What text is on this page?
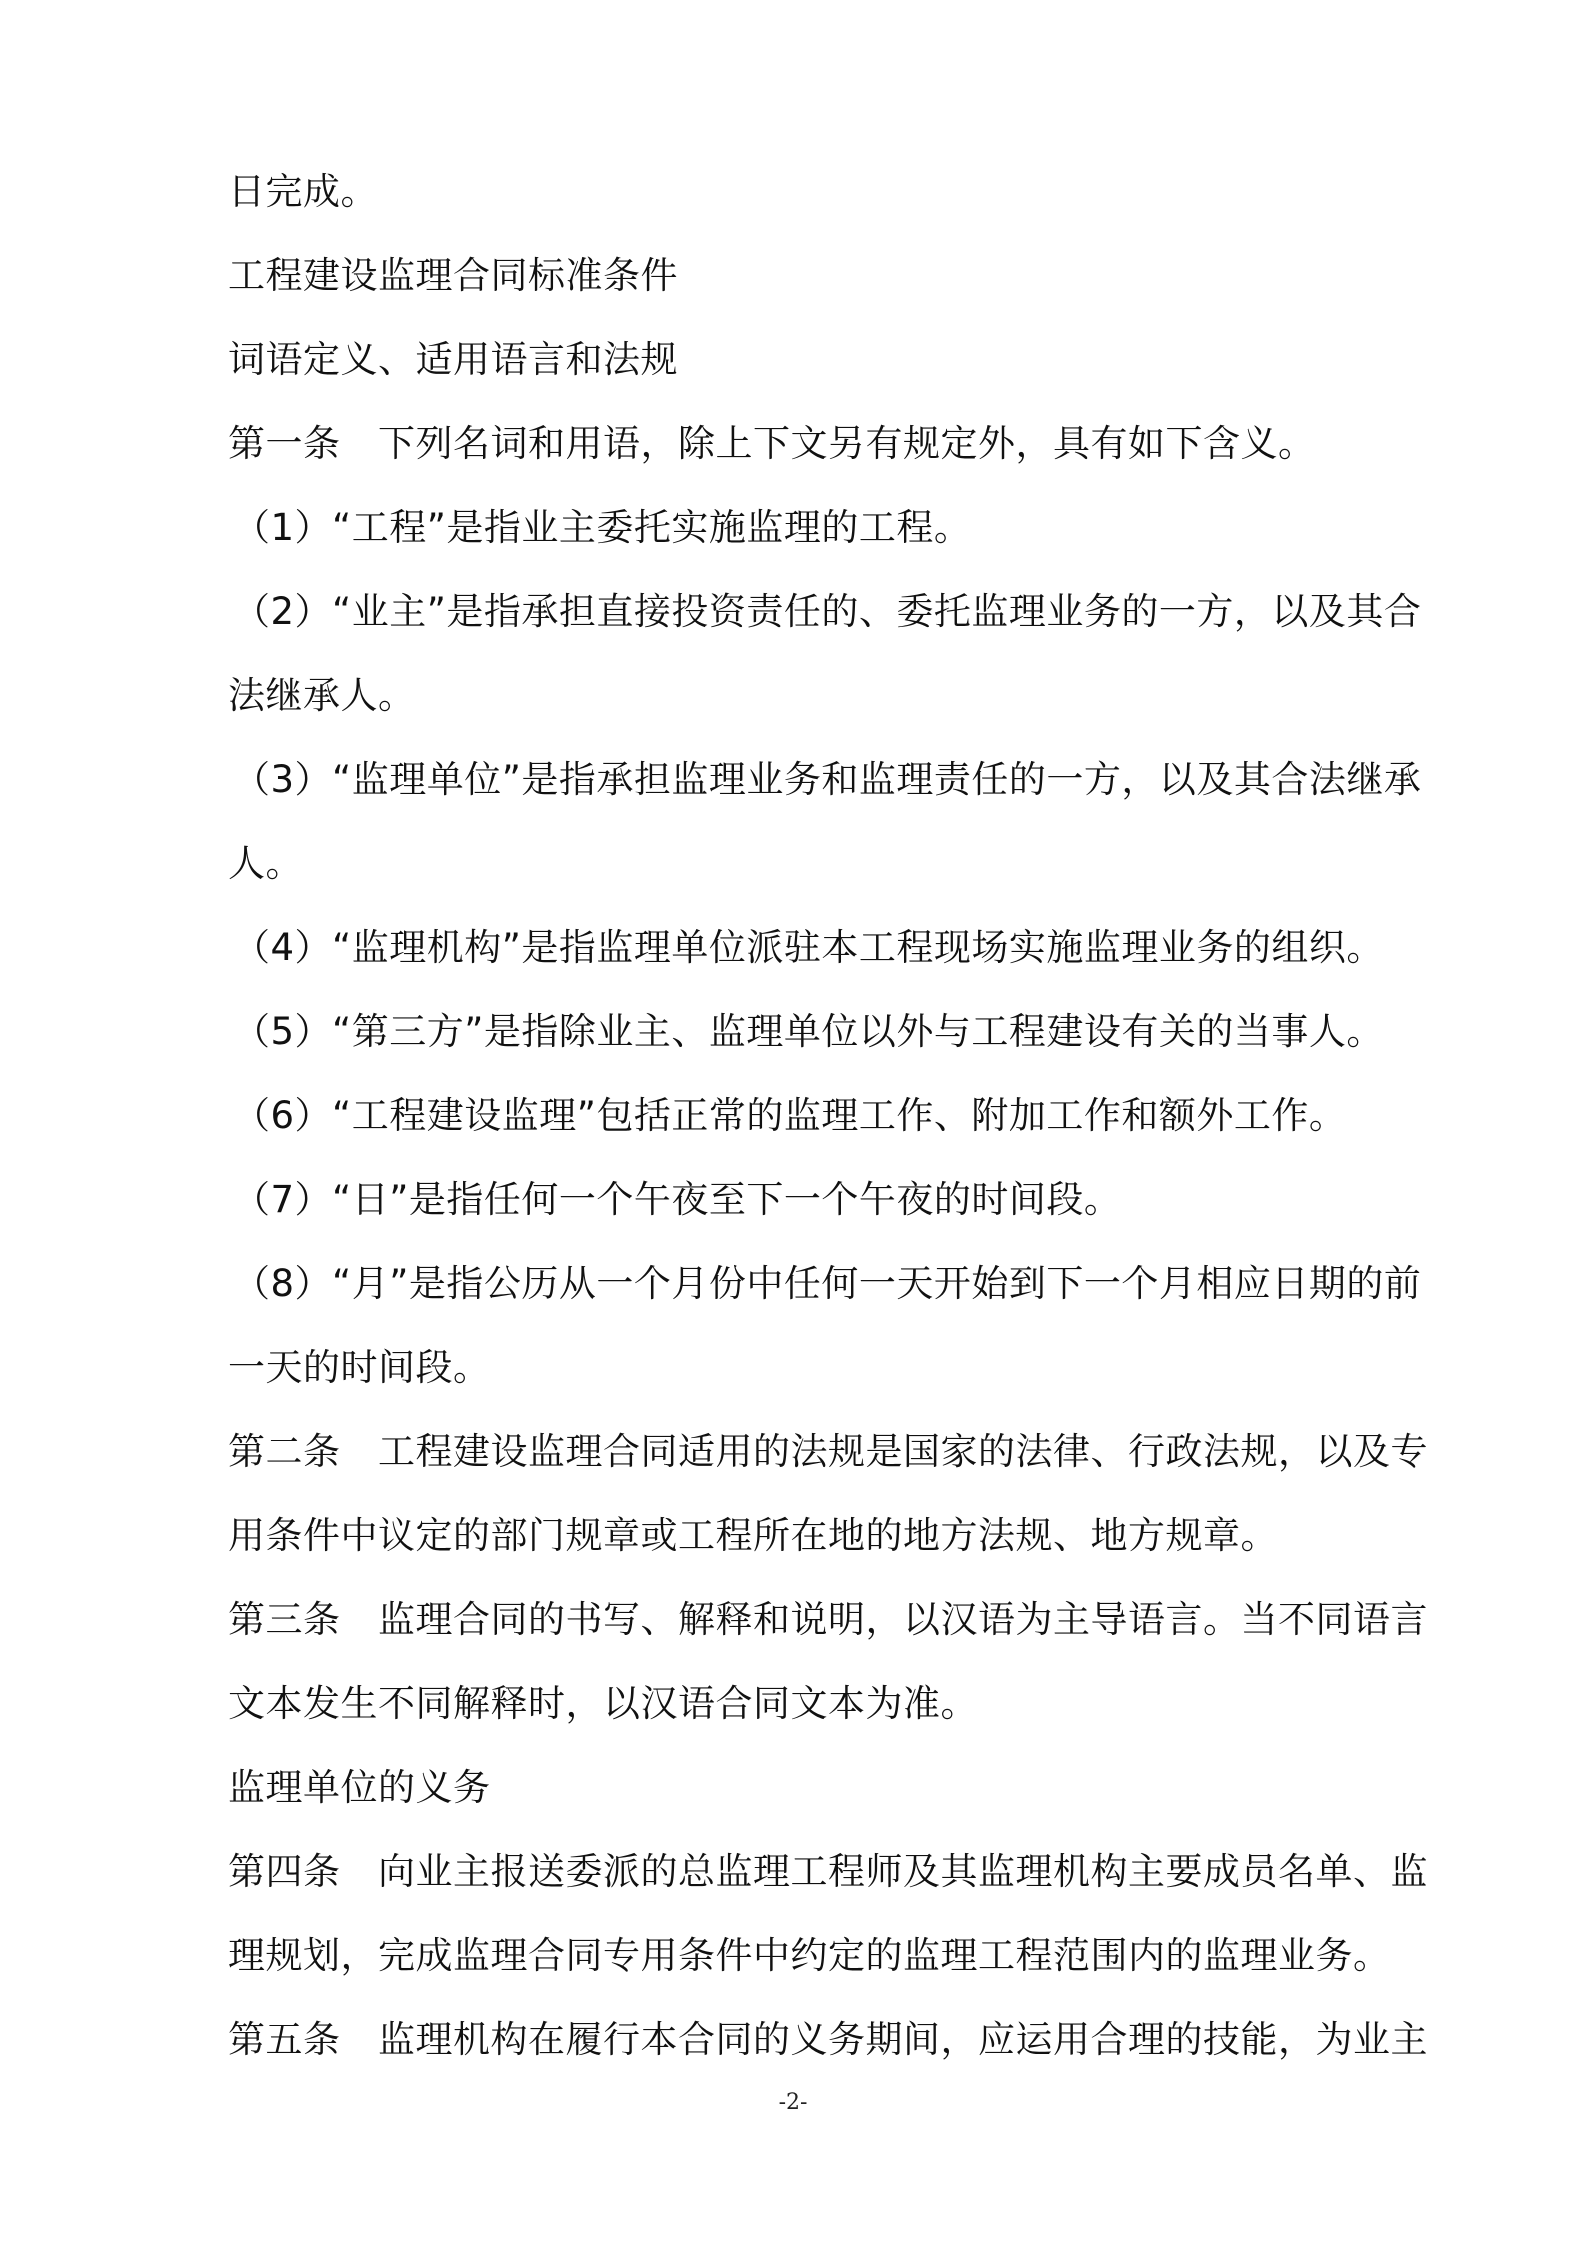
日完成。

工程建设监理合同标准条件

词语定义、适用语言和法规

第一条　下列名词和用语，除上下文另有规定外，具有如下含义。

（1）“工程”是指业主委托实施监理的工程。

（2）“业主”是指承担直接投资责任的、委托监理业务的一方，以及其合法继承人。

（3）“监理单位”是指承担监理业务和监理责任的一方，以及其合法继承人。

（4）“监理机构”是指监理单位派驻本工程现场实施监理业务的组织。

（5）“第三方”是指除业主、监理单位以外与工程建设有关的当事人。

（6）“工程建设监理”包括正常的监理工作、附加工作和额外工作。

（7）“日”是指任何一个午夜至下一个午夜的时间段。

（8）“月”是指公历从一个月份中任何一天开始到下一个月相应日期的前一天的时间段。

第二条　工程建设监理合同适用的法规是国家的法律、行政法规，以及专用条件中议定的部门规章或工程所在地的地方法规、地方规章。

第三条　监理合同的书写、解释和说明，以汉语为主导语言。当不同语言文本发生不同解释时，以汉语合同文本为准。

监理单位的义务

第四条　向业主报送委派的总监理工程师及其监理机构主要成员名单、监理规划，完成监理合同专用条件中约定的监理工程范围内的监理业务。

第五条　监理机构在履行本合同的义务期间，应运用合理的技能，为业主

-2-
